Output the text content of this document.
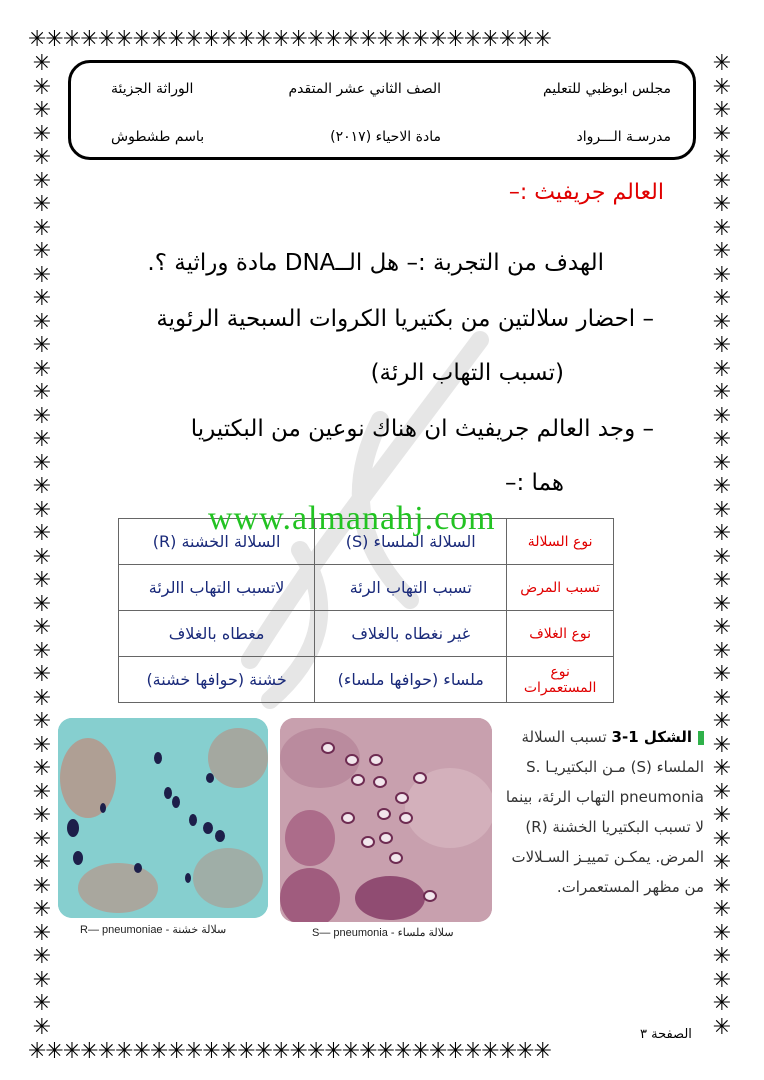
✳✳✳✳✳✳✳✳✳✳✳✳✳✳✳✳✳✳✳✳✳✳✳✳✳✳✳✳✳✳
✳✳✳✳✳✳✳✳✳✳✳✳✳✳✳✳✳✳✳✳✳✳✳✳✳✳✳✳✳✳
✳
✳
✳
✳
✳
✳
✳
✳
✳
✳
✳
✳
✳
✳
✳
✳
✳
✳
✳
✳
✳
✳
✳
✳
✳
✳
✳
✳
✳
✳
✳
✳
✳
✳
✳
✳
✳
✳
✳
✳
✳
✳
✳
✳
✳
✳
✳
✳
✳
✳
✳
✳
✳
✳
✳
✳
✳
✳
✳
✳
✳
✳
✳
✳
✳
✳
✳
✳
✳
✳
✳
✳
✳
✳
✳
✳
✳
✳
✳
✳
✳
✳
✳
✳
مجلس ابوظبي للتعليم
الصف الثاني عشر المتقدم
الوراثة الجزيئة
مدرسـة الـــرواد
مادة الاحياء (٢٠١٧)
باسم طشطوش
العالم جريفيث :–
الهدف من التجربة :– هل الــDNA مادة وراثية ؟.
– احضار سلالتين من بكتيريا الكروات السبحية الرئوية
(تسبب التهاب الرئة)
– وجد العالم جريفيث ان هناك نوعين من البكتيريا
هما :–
نوع السلالة	السلالة الملساء (S)	السلالة الخشنة (R)
تسبب المرض	تسبب التهاب الرئة	لاتسبب التهاب االرئة
نوع الغلاف	غير نغطاه بالغلاف	مغطاه بالغلاف
نوع المستعمرات	ملساء (حوافها ملساء)	خشنة (حوافها خشنة)
www.almanahj.com
R— pneumoniae - سلالة خشنة	S— pneumonia - سلالة ملساء
الشكل 1-3 تسبب السلالة الملساء (S) مـن البكتيريـا S. pneumonia التهاب الرئة، بينما لا تسبب البكتيريا الخشنة (R) المرض. يمكـن تمييـز السـلالات من مظهر المستعمرات.
الصفحة ٣
